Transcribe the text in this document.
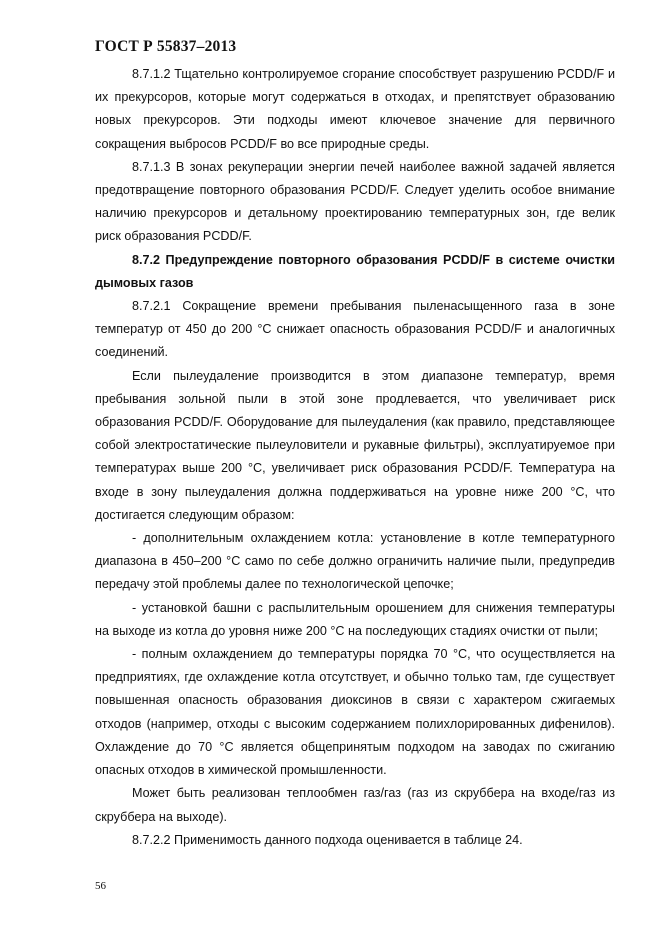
ГОСТ Р 55837–2013

8.7.1.2 Тщательно контролируемое сгорание способствует разрушению PCDD/F и их прекурсоров, которые могут содержаться в отходах, и препятствует образованию новых прекурсоров. Эти подходы имеют ключевое значение для первичного сокращения выбросов PCDD/F во все природные среды.

8.7.1.3 В зонах рекуперации энергии печей наиболее важной задачей является предотвращение повторного образования PCDD/F. Следует уделить особое внимание наличию прекурсоров и детальному проектированию температурных зон, где велик риск образования PCDD/F.

8.7.2 Предупреждение повторного образования PCDD/F в системе очистки дымовых газов

8.7.2.1 Сокращение времени пребывания пыленасыщенного газа в зоне температур от 450 до 200 °С снижает опасность образования PCDD/F и аналогичных соединений.

Если пылеудаление производится в этом диапазоне температур, время пребывания зольной пыли в этой зоне продлевается, что увеличивает риск образования PCDD/F. Оборудование для пылеудаления (как правило, представляющее собой электростатические пылеуловители и рукавные фильтры), эксплуатируемое при температурах выше 200 °С, увеличивает риск образования PCDD/F. Температура на входе в зону пылеудаления должна поддерживаться на уровне ниже 200 °С, что достигается следующим образом:

- дополнительным охлаждением котла: установление в котле температурного диапазона в 450–200 °С само по себе должно ограничить наличие пыли, предупредив передачу этой проблемы далее по технологической цепочке;

- установкой башни с распылительным орошением для снижения температуры на выходе из котла до уровня ниже 200 °С на последующих стадиях очистки от пыли;

- полным охлаждением до температуры порядка 70 °С, что осуществляется на предприятиях, где охлаждение котла отсутствует, и обычно только там, где существует повышенная опасность образования диоксинов в связи с характером сжигаемых отходов (например, отходы с высоким содержанием полихлорированных дифенилов). Охлаждение до 70 °С является общепринятым подходом на заводах по сжиганию опасных отходов в химической промышленности.

Может быть реализован теплообмен газ/газ (газ из скруббера на входе/газ из скруббера на выходе).

8.7.2.2 Применимость данного подхода оценивается в таблице 24.

56
